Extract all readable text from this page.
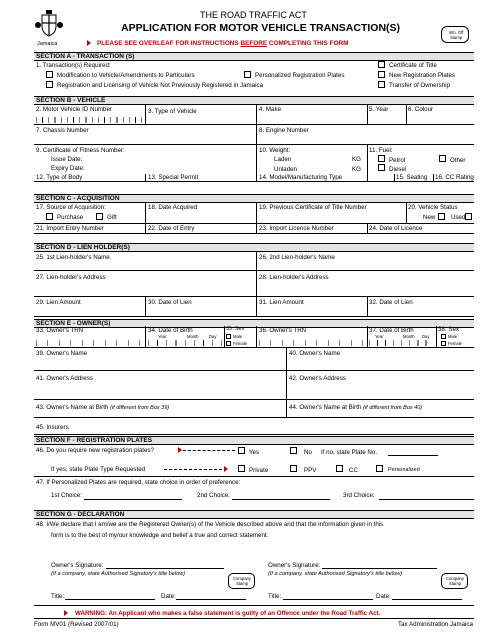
Jamaica
THE ROAD TRAFFIC ACT
APPLICATION FOR MOTOR VEHICLE TRANSACTION(S)
PLEASE SEE OVERLEAF FOR INSTRUCTIONS BEFORE COMPLETING THIS FORM
Info. Off Stamp
SECTION A - TRANSACTION (S)
1. Transaction(s) Required:
Modification to Vehicle/Amendments to Particulars	Personalized Registration Plates
Registration and Licensing of Vehicle Not Previously Registered in Jamaica
Certificate of Title
New Registration Plates
Transfer of Ownership
SECTION B - VEHICLE
2. Motor Vehicle ID Number	3. Type of Vehicle	4. Make	5. Year	6. Colour
7. Chassis Number	8. Engine Number
9. Certificate of Fitness Number:
Issue Date:
Expiry Date:
10. Weight:
Laden	KG
Unladen	KG
11. Fuel:
Petrol	Other
Diesel
12. Type of Body	13. Special Permit	14. Model/Manufacturing Type	15. Seating 16. CC Rating
SECTION C - ACQUISITION
17. Source of Acquisition:
Purchase	Gift
18. Date Acquired	19. Previous Certificate of Title Number	20. Vehicle Status
New	Used
21. Import Entry Number	22. Date of Entry	23. Import Licence Number	24. Date of Licence
SECTION D - LIEN HOLDER(S)
25. 1st Lien-holder's Name	26. 2nd Lien-holder's Name
27. Lien-holder's Address	28. Lien-holder's Address
29. Lien Amount	30. Date of Lien	31. Lien Amount	32. Date of Lien
SECTION E - OWNER(S)
33. Owner's TRN	34. Date of Birth
Year	Month Day
35. Sex
Male
Female
36. Owner's TRN	37. Date of Birth
Year	Month Day
38. Sex
Male
Female
39. Owner's Name	40. Owner's Name
41. Owner's Address	42. Owner's Address
43. Owner's Name at Birth (if different from Box 39)	44. Owner's Name at Birth (if different from Box 40)
45. Insurers
SECTION F - REGISTRATION PLATES
46. Do you require new registration plates?	Yes	No If no, state Plate No.
If yes, state Plate Type Requested	Private	PPV	CC	Personalized
47. If Personalized Plates are required, state choice in order of preference:
1st Choice:	2nd Choice:	3rd Choice:
SECTION G - DECLARATION
48. I/We declare that I am/we are the Registered Owner(s) of the Vehicle described above and that the information given in this
form is to the best of my/our knowledge and belief a true and correct statement.
Owner's Signature:
(If a company, state Authorised Signatory's title below)
Company Stamp
Title:	Date:
Owner's Signature:
(If a company, state Authorised Signatory's title below)
Company Stamp
Title:	Date:
WARNING: An Applicant who makes a false statement is guilty of an Offence under the Road Traffic Act.
Form MV01 (Revised 2007/01)	Tax Administration Jamaica
